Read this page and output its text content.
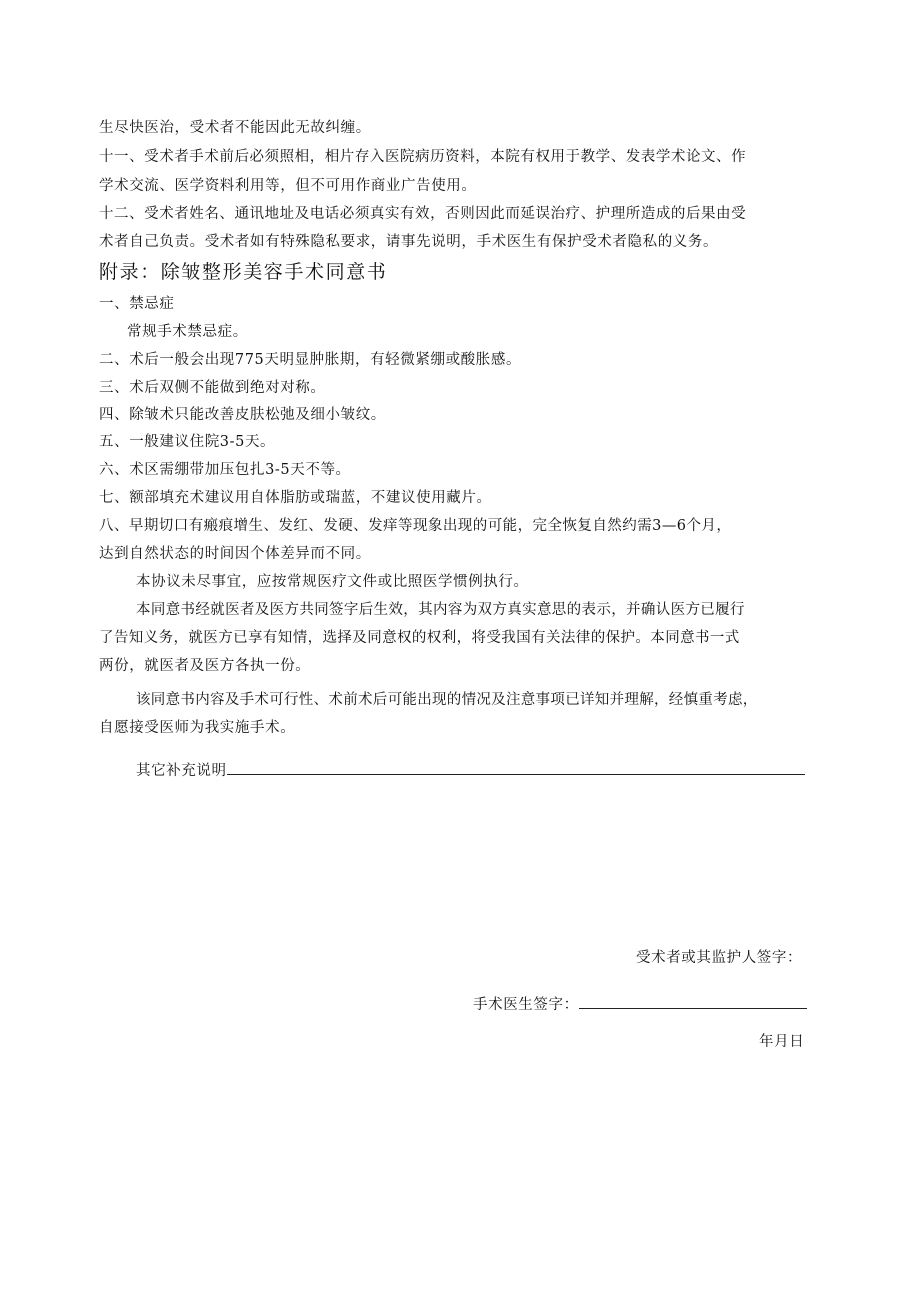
生尽快医治，受术者不能因此无故纠缠。
十一、受术者手术前后必须照相，相片存入医院病历资料，本院有权用于教学、发表学术论文、作
学术交流、医学资料利用等，但不可用作商业广告使用。
十二、受术者姓名、通讯地址及电话必须真实有效，否则因此而延误治疗、护理所造成的后果由受
术者自己负责。受术者如有特殊隐私要求，请事先说明，手术医生有保护受术者隐私的义务。
附录：除皱整形美容手术同意书
一、禁忌症
常规手术禁忌症。
二、术后一般会出现775天明显肿胀期，有轻微紧绷或酸胀感。
三、术后双侧不能做到绝对对称。
四、除皱术只能改善皮肤松弛及细小皱纹。
五、一般建议住院3-5天。
六、术区需绷带加压包扎3-5天不等。
七、额部填充术建议用自体脂肪或瑞蓝，不建议使用藏片。
八、早期切口有瘢痕增生、发红、发硬、发痒等现象出现的可能，完全恢复自然约需3—6个月，
达到自然状态的时间因个体差异而不同。
本协议未尽事宜，应按常规医疗文件或比照医学惯例执行。
本同意书经就医者及医方共同签字后生效，其内容为双方真实意思的表示，并确认医方已履行
了告知义务，就医方已享有知情，选择及同意权的权利，将受我国有关法律的保护。本同意书一式
两份，就医者及医方各执一份。
该同意书内容及手术可行性、术前术后可能出现的情况及注意事项已详知并理解，经慎重考虑，
自愿接受医师为我实施手术。
其它补充说明
受术者或其监护人签字：
手术医生签字：
年月日
